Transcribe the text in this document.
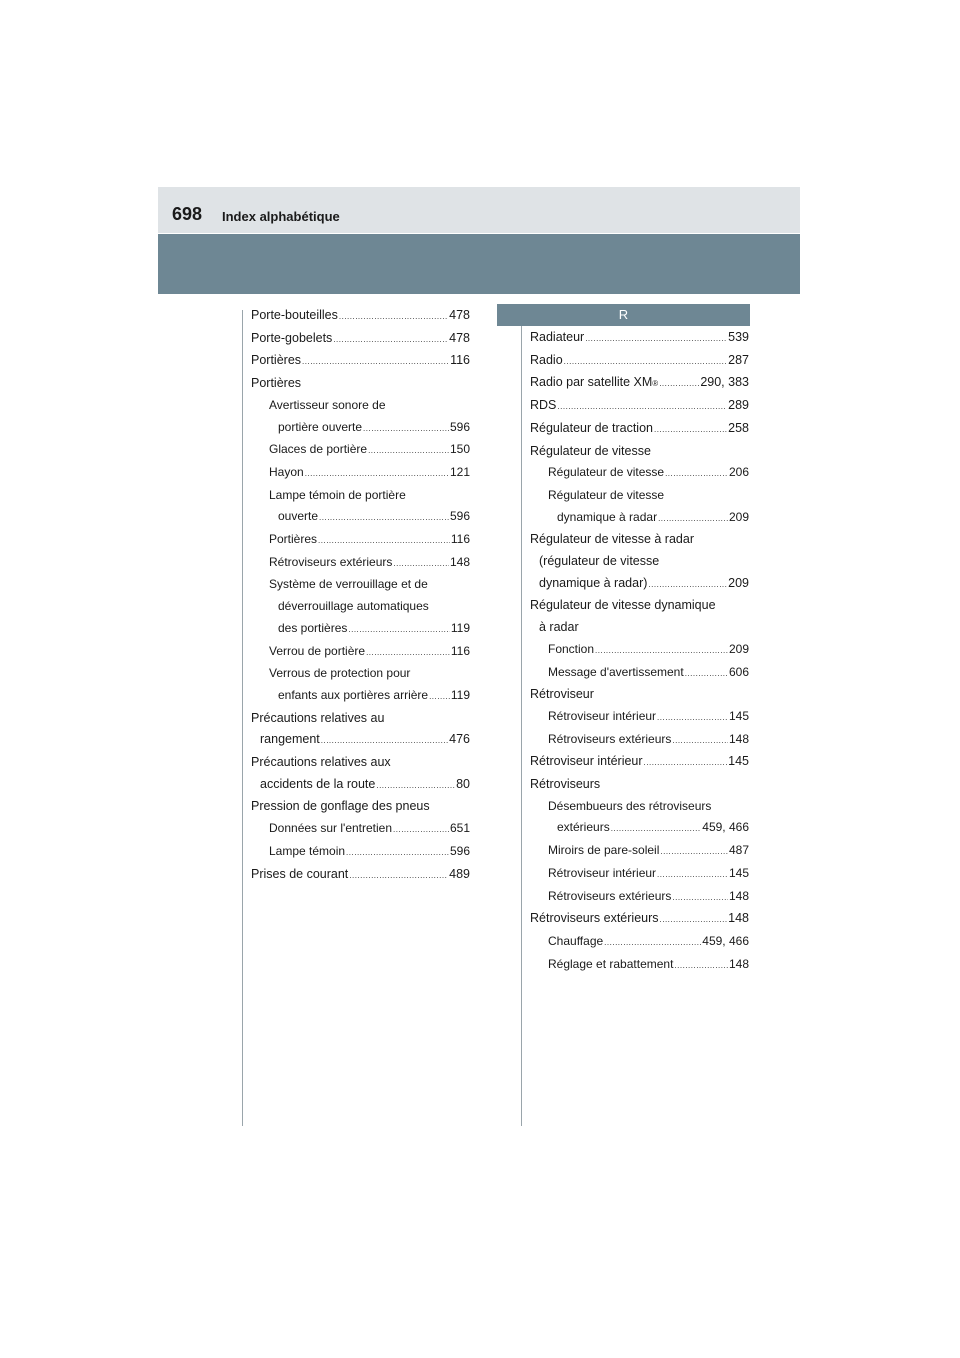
698 Index alphabétique
R
Porte-bouteilles .....	478
Porte-gobelets .....	478
Portières .....	116
Portières
Avertisseur sonore de
portière ouverte .....	596
Glaces de portière .....	150
Hayon .....	121
Lampe témoin de portière
ouverte .....	596
Portières .....	116
Rétroviseurs extérieurs .....	148
Système de verrouillage et de
déverrouillage automatiques
des portières .....	119
Verrou de portière .....	116
Verrous de protection pour
enfants aux portières arrière ..... 119
Précautions relatives au
rangement .....	476
Précautions relatives aux
accidents de la route .....	80
Pression de gonflage des pneus
Données sur l'entretien .....	651
Lampe témoin .....	596
Prises de courant .....	489
Radiateur .....	539
Radio .....	287
Radio par satellite XM ® .....	290, 383
RDS .....	289
Régulateur de traction .....	258
Régulateur de vitesse
Régulateur de vitesse .....	206
Régulateur de vitesse
dynamique à radar .....	209
Régulateur de vitesse à radar
(régulateur de vitesse
dynamique à radar) .....	209
Régulateur de vitesse dynamique
à radar
Fonction .....	209
Message d'avertissement .....	606
Rétroviseur
Rétroviseur intérieur .....	145
Rétroviseurs extérieurs .....	148
Rétroviseur intérieur .....	145
Rétroviseurs
Désembueurs des rétroviseurs
extérieurs .....	459, 466
Miroirs de pare-soleil .....	487
Rétroviseur intérieur .....	145
Rétroviseurs extérieurs .....	148
Rétroviseurs extérieurs .....	148
Chauffage .....	459, 466
Réglage et rabattement .....	148
